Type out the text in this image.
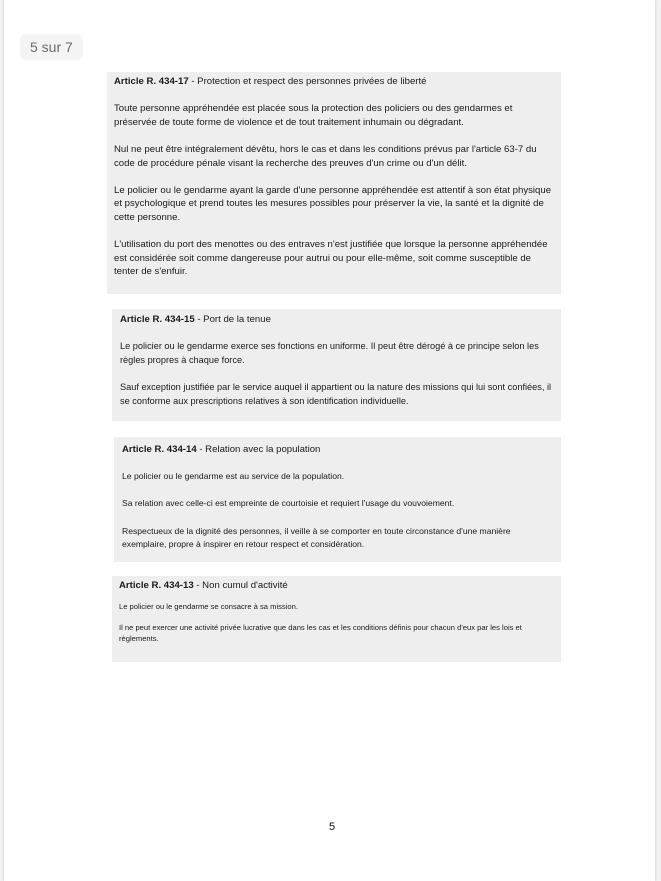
5 sur 7

Article R. 434-17 - Protection et respect des personnes privées de liberté

Toute personne appréhendée est placée sous la protection des policiers ou des gendarmes et préservée de toute forme de violence et de tout traitement inhumain ou dégradant.

Nul ne peut être intégralement dévêtu, hors le cas et dans les conditions prévus par l'article 63-7 du code de procédure pénale visant la recherche des preuves d'un crime ou d'un délit.

Le policier ou le gendarme ayant la garde d'une personne appréhendée est attentif à son état physique et psychologique et prend toutes les mesures possibles pour préserver la vie, la santé et la dignité de cette personne.

L'utilisation du port des menottes ou des entraves n'est justifiée que lorsque la personne appréhendée est considérée soit comme dangereuse pour autrui ou pour elle-même, soit comme susceptible de tenter de s'enfuir.

Article R. 434-15 - Port de la tenue

Le policier ou le gendarme exerce ses fonctions en uniforme. Il peut être dérogé à ce principe selon les règles propres à chaque force.

Sauf exception justifiée par le service auquel il appartient ou la nature des missions qui lui sont confiées, il se conforme aux prescriptions relatives à son identification individuelle.

Article R. 434-14 - Relation avec la population

Le policier ou le gendarme est au service de la population.

Sa relation avec celle-ci est empreinte de courtoisie et requiert l'usage du vouvoiement.

Respectueux de la dignité des personnes, il veille à se comporter en toute circonstance d'une manière exemplaire, propre à inspirer en retour respect et considération.

Article R. 434-13 - Non cumul d'activité

Le policier ou le gendarme se consacre à sa mission.

Il ne peut exercer une activité privée lucrative que dans les cas et les conditions définis pour chacun d'eux par les lois et règlements.

5
